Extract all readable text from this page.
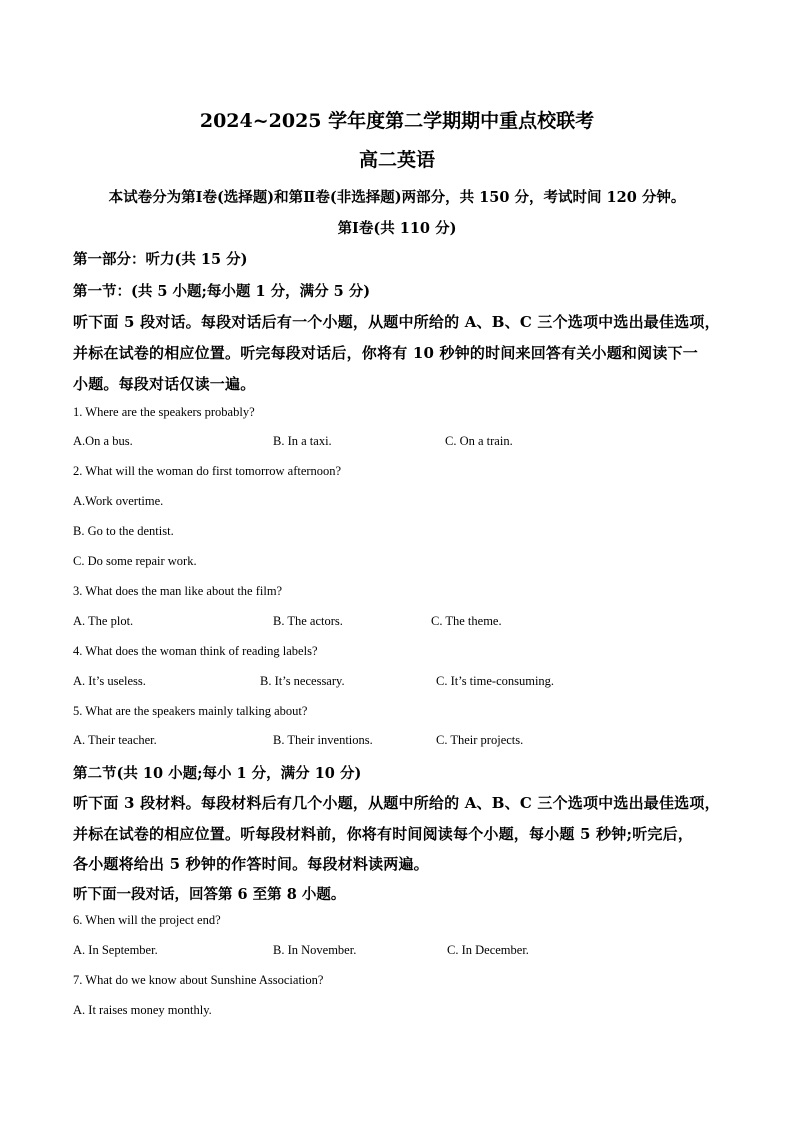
2024~2025 学年度第二学期期中重点校联考
高二英语
本试卷分为第Ⅰ卷(选择题)和第Ⅱ卷(非选择题)两部分，共 150 分，考试时间 120 分钟。
第Ⅰ卷(共 110 分)
第一部分：听力(共 15 分)
第一节：(共 5 小题;每小题 1 分，满分 5 分)
听下面 5 段对话。每段对话后有一个小题，从题中所给的 A、B、C 三个选项中选出最佳选项，
并标在试卷的相应位置。听完每段对话后，你将有 10 秒钟的时间来回答有关小题和阅读下一
小题。每段对话仅读一遍。
1. Where are the speakers probably?
A.On a bus.	B. In a taxi.	C. On a train.
2. What will the woman do first tomorrow afternoon?
A.Work overtime.
B. Go to the dentist.
C. Do some repair work.
3. What does the man like about the film?
A. The plot.	B. The actors.	C. The theme.
4. What does the woman think of reading labels?
A. It’s useless.	B. It’s necessary.	C. It’s time-consuming.
5. What are the speakers mainly talking about?
A. Their teacher.	B. Their inventions.	C. Their projects.
第二节(共 10 小题;每小 1 分，满分 10 分)
听下面 3 段材料。每段材料后有几个小题，从题中所给的 A、B、C 三个选项中选出最佳选项，
并标在试卷的相应位置。听每段材料前，你将有时间阅读每个小题，每小题 5 秒钟;听完后，
各小题将给出 5 秒钟的作答时间。每段材料读两遍。
听下面一段对话，回答第 6 至第 8 小题。
6. When will the project end?
A. In September.	B. In November.	C. In December.
7. What do we know about Sunshine Association?
A. It raises money monthly.
